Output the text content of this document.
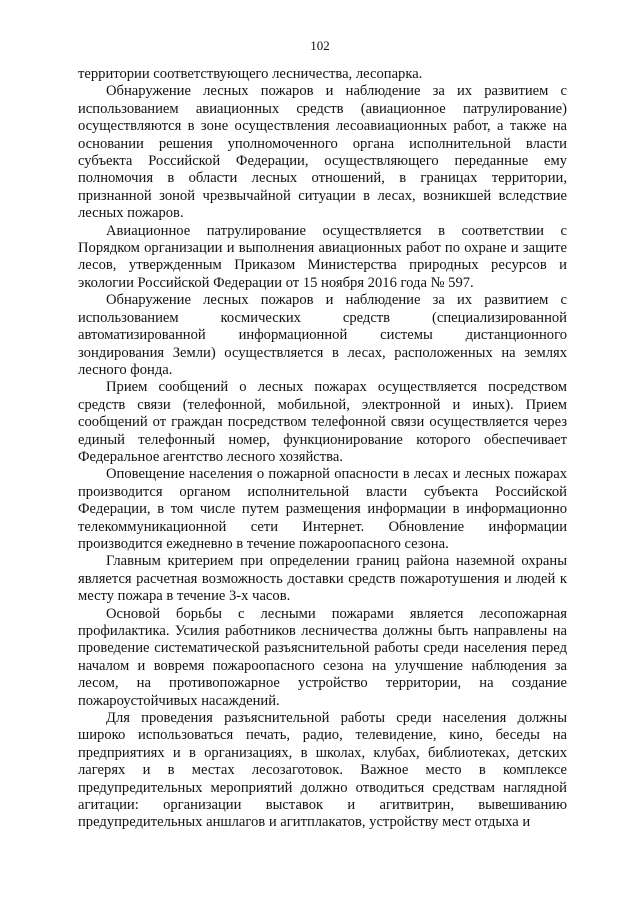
102

территории соответствующего лесничества, лесопарка.

Обнаружение лесных пожаров и наблюдение за их развитием с использованием авиационных средств (авиационное патрулирование) осуществляются в зоне осуществления лесоавиационных работ, а также на основании решения уполномоченного органа исполнительной власти субъекта Российской Федерации, осуществляющего переданные ему полномочия в области лесных отношений, в границах территории, признанной зоной чрезвычайной ситуации в лесах, возникшей вследствие лесных пожаров.

Авиационное патрулирование осуществляется в соответствии с Порядком организации и выполнения авиационных работ по охране и защите лесов, утвержденным Приказом Министерства природных ресурсов и экологии Российской Федерации от 15 ноября 2016 года № 597.

Обнаружение лесных пожаров и наблюдение за их развитием с использованием космических средств (специализированной автоматизированной информационной системы дистанционного зондирования Земли) осуществляется в лесах, расположенных на землях лесного фонда.

Прием сообщений о лесных пожарах осуществляется посредством средств связи (телефонной, мобильной, электронной и иных). Прием сообщений от граждан посредством телефонной связи осуществляется через единый телефонный номер, функционирование которого обеспечивает Федеральное агентство лесного хозяйства.

Оповещение населения о пожарной опасности в лесах и лесных пожарах производится органом исполнительной власти субъекта Российской Федерации, в том числе путем размещения информации в информационно телекоммуникационной сети Интернет. Обновление информации производится ежедневно в течение пожароопасного сезона.

Главным критерием при определении границ района наземной охраны является расчетная возможность доставки средств пожаротушения и людей к месту пожара в течение 3-х часов.

Основой борьбы с лесными пожарами является лесопожарная профилактика. Усилия работников лесничества должны быть направлены на проведение систематической разъяснительной работы среди населения перед началом и вовремя пожароопасного сезона на улучшение наблюдения за лесом, на противопожарное устройство территории, на создание пожароустойчивых насаждений.

Для проведения разъяснительной работы среди населения должны широко использоваться печать, радио, телевидение, кино, беседы на предприятиях и в организациях, в школах, клубах, библиотеках, детских лагерях и в местах лесозаготовок. Важное место в комплексе предупредительных мероприятий должно отводиться средствам наглядной агитации: организации выставок и агитвитрин, вывешиванию предупредительных аншлагов и агитплакатов, устройству мест отдыха и
